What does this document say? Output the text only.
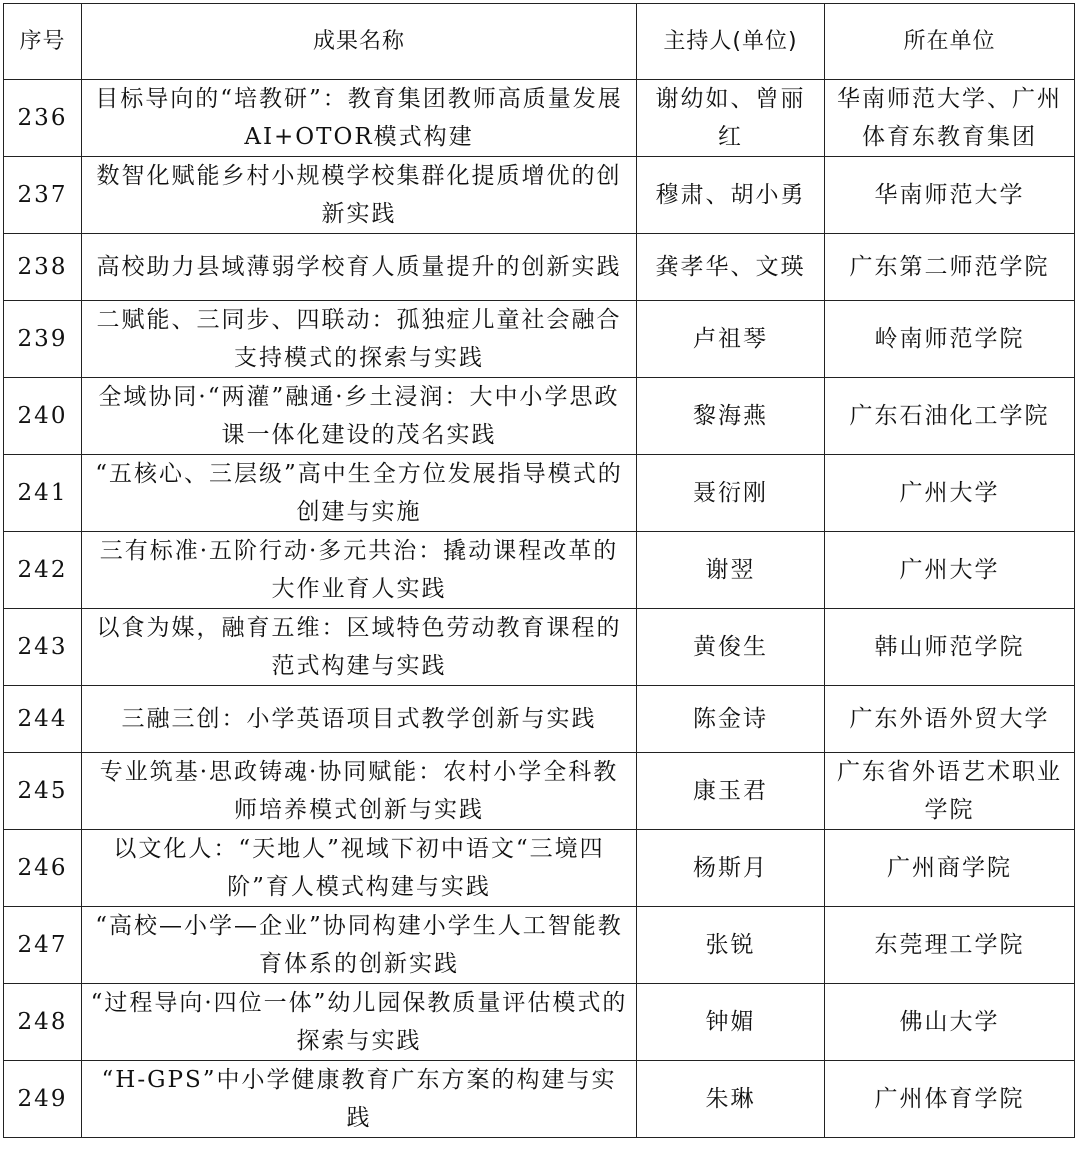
序号	成果名称	主持人(单位)	所在单位
236	目标导向的“培教研”：教育集团教师高质量发展AI+OTOR模式构建	谢幼如、曾丽红	华南师范大学、广州体育东教育集团
237	数智化赋能乡村小规模学校集群化提质增优的创新实践	穆肃、胡小勇	华南师范大学
238	高校助力县域薄弱学校育人质量提升的创新实践	龚孝华、文瑛	广东第二师范学院
239	二赋能、三同步、四联动：孤独症儿童社会融合支持模式的探索与实践	卢祖琴	岭南师范学院
240	全域协同·“两灌”融通·乡土浸润：大中小学思政课一体化建设的茂名实践	黎海燕	广东石油化工学院
241	“五核心、三层级”高中生全方位发展指导模式的创建与实施	聂衍刚	广州大学
242	三有标准·五阶行动·多元共治：撬动课程改革的大作业育人实践	谢翌	广州大学
243	以食为媒，融育五维：区域特色劳动教育课程的范式构建与实践	黄俊生	韩山师范学院
244	三融三创：小学英语项目式教学创新与实践	陈金诗	广东外语外贸大学
245	专业筑基·思政铸魂·协同赋能：农村小学全科教师培养模式创新与实践	康玉君	广东省外语艺术职业学院
246	以文化人：“天地人”视域下初中语文“三境四阶”育人模式构建与实践	杨斯月	广州商学院
247	“高校—小学—企业”协同构建小学生人工智能教育体系的创新实践	张锐	东莞理工学院
248	“过程导向·四位一体”幼儿园保教质量评估模式的探索与实践	钟媚	佛山大学
249	“H-GPS”中小学健康教育广东方案的构建与实践	朱琳	广州体育学院
